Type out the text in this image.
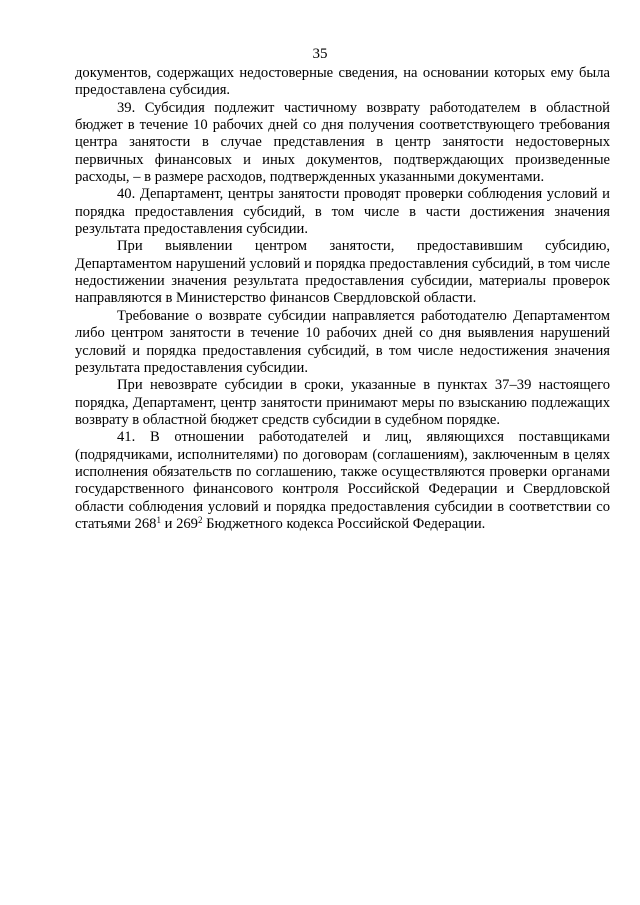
35

документов, содержащих недостоверные сведения, на основании которых ему была предоставлена субсидия.

39. Субсидия подлежит частичному возврату работодателем в областной бюджет в течение 10 рабочих дней со дня получения соответствующего требования центра занятости в случае представления в центр занятости недостоверных первичных финансовых и иных документов, подтверждающих произведенные расходы, – в размере расходов, подтвержденных указанными документами.

40. Департамент, центры занятости проводят проверки соблюдения условий и порядка предоставления субсидий, в том числе в части достижения значения результата предоставления субсидии.

При выявлении центром занятости, предоставившим субсидию, Департаментом нарушений условий и порядка предоставления субсидий, в том числе недостижении значения результата предоставления субсидии, материалы проверок направляются в Министерство финансов Свердловской области.

Требование о возврате субсидии направляется работодателю Департаментом либо центром занятости в течение 10 рабочих дней со дня выявления нарушений условий и порядка предоставления субсидий, в том числе недостижения значения результата предоставления субсидии.

При невозврате субсидии в сроки, указанные в пунктах 37–39 настоящего порядка, Департамент, центр занятости принимают меры по взысканию подлежащих возврату в областной бюджет средств субсидии в судебном порядке.

41. В отношении работодателей и лиц, являющихся поставщиками (подрядчиками, исполнителями) по договорам (соглашениям), заключенным в целях исполнения обязательств по соглашению, также осуществляются проверки органами государственного финансового контроля Российской Федерации и Свердловской области соблюдения условий и порядка предоставления субсидии в соответствии со статьями $268^1$ и $269^2$ Бюджетного кодекса Российской Федерации.
